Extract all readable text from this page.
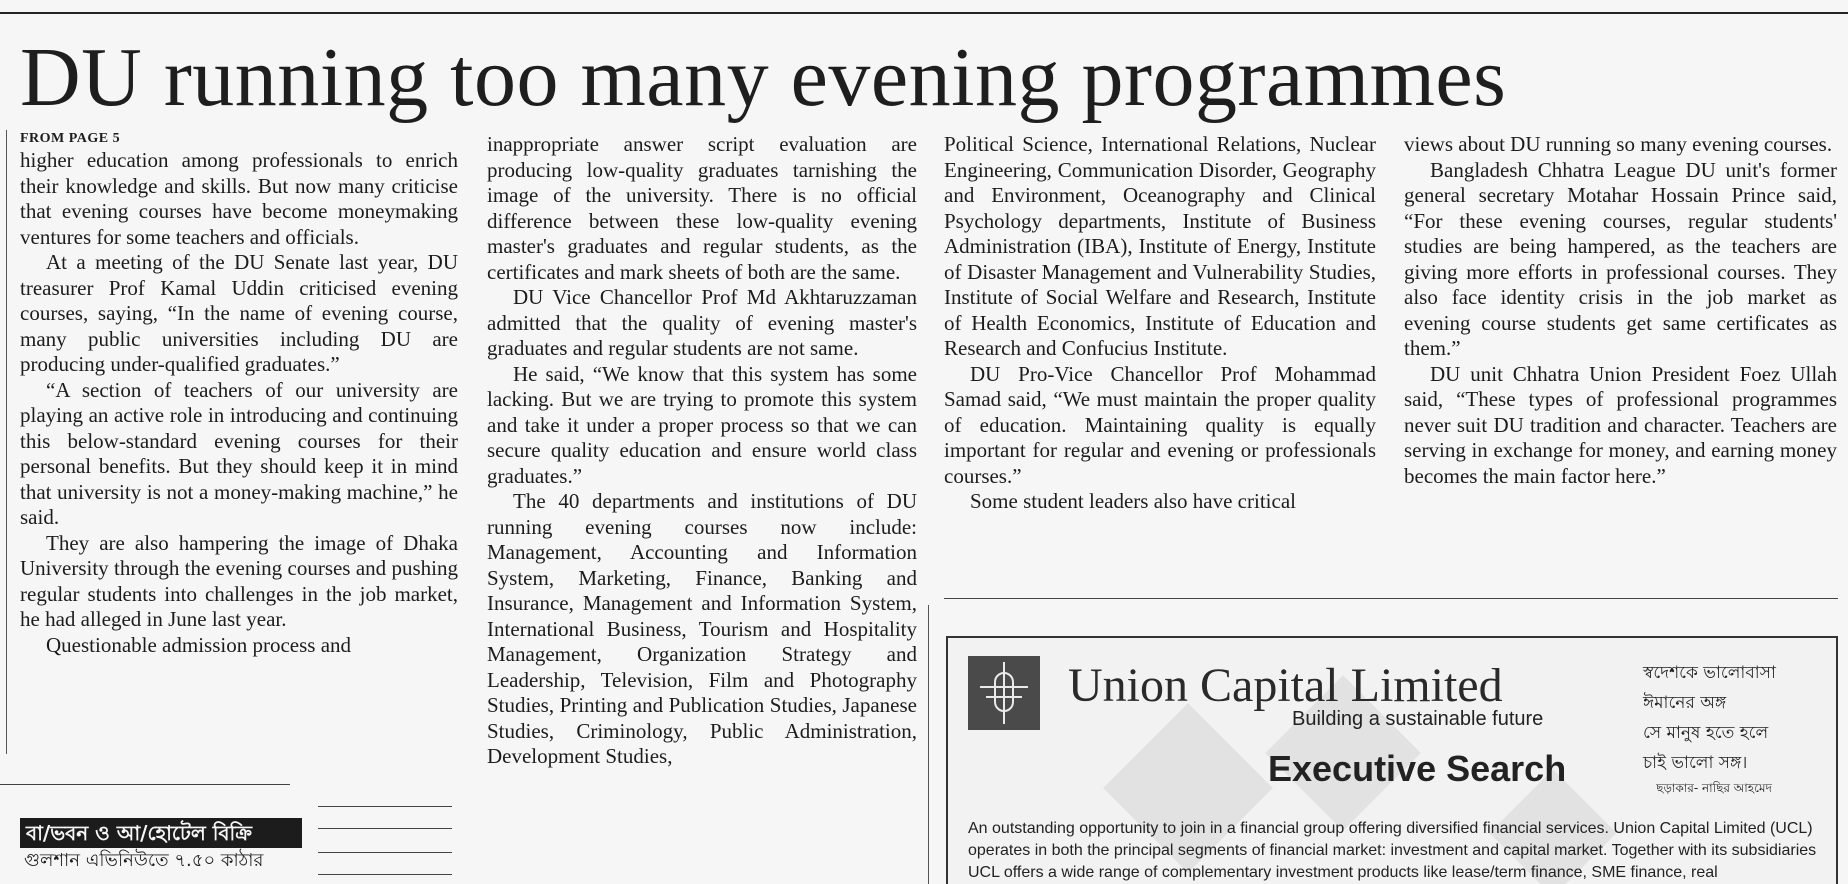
DU running too many evening programmes
FROM PAGE 5

higher education among professionals to enrich their knowledge and skills. But now many criticise that evening courses have become moneymaking ventures for some teachers and officials.

At a meeting of the DU Senate last year, DU treasurer Prof Kamal Uddin criticised evening courses, saying, “In the name of evening course, many public universities including DU are producing under-qualified graduates.”

“A section of teachers of our university are playing an active role in introducing and continuing this below-standard evening courses for their personal benefits. But they should keep it in mind that university is not a money-making machine,” he said.

They are also hampering the image of Dhaka University through the evening courses and pushing regular students into challenges in the job market, he had alleged in June last year.

Questionable admission process and

inappropriate answer script evaluation are producing low-quality graduates tarnishing the image of the university. There is no official difference between these low-quality evening master's graduates and regular students, as the certificates and mark sheets of both are the same.

DU Vice Chancellor Prof Md Akhtaruzzaman admitted that the quality of evening master's graduates and regular students are not same.

He said, “We know that this system has some lacking. But we are trying to promote this system and take it under a proper process so that we can secure quality education and ensure world class graduates.”

The 40 departments and institutions of DU running evening courses now include: Management, Accounting and Information System, Marketing, Finance, Banking and Insurance, Management and Information System, International Business, Tourism and Hospitality Management, Organization Strategy and Leadership, Television, Film and Photography Studies, Printing and Publication Studies, Japanese Studies, Criminology, Public Administration, Development Studies,

Political Science, International Relations, Nuclear Engineering, Communication Disorder, Geography and Environment, Oceanography and Clinical Psychology departments, Institute of Business Administration (IBA), Institute of Energy, Institute of Disaster Management and Vulnerability Studies, Institute of Social Welfare and Research, Institute of Health Economics, Institute of Education and Research and Confucius Institute.

DU Pro-Vice Chancellor Prof Mohammad Samad said, “We must maintain the proper quality of education. Maintaining quality is equally important for regular and evening or professionals courses.”

Some student leaders also have critical

views about DU running so many evening courses.

Bangladesh Chhatra League DU unit's former general secretary Motahar Hossain Prince said, “For these evening courses, regular students' studies are being hampered, as the teachers are giving more efforts in professional courses. They also face identity crisis in the job market as evening course students get same certificates as them.”

DU unit Chhatra Union President Foez Ullah said, “These types of professional programmes never suit DU tradition and character. Teachers are serving in exchange for money, and earning money becomes the main factor here.”

Union Capital Limited
Building a sustainable future
Executive Search
স্বদেশকে ভালোবাসা
ঈমানের অঙ্গ
সে মানুষ হতে হলে
চাই ভালো সঙ্গ।
ছড়াকার- নাছির আহমেদ
An outstanding opportunity to join in a financial group offering diversified financial services. Union Capital Limited (UCL) operates in both the principal segments of financial market: investment and capital market. Together with its subsidiaries UCL offers a wide range of complementary investment products like lease/term finance, SME finance, real
বা/ভবন ও আ/হোটেল বিক্রি
গুলশান এভিনিউতে ৭.৫০ কাঠার
